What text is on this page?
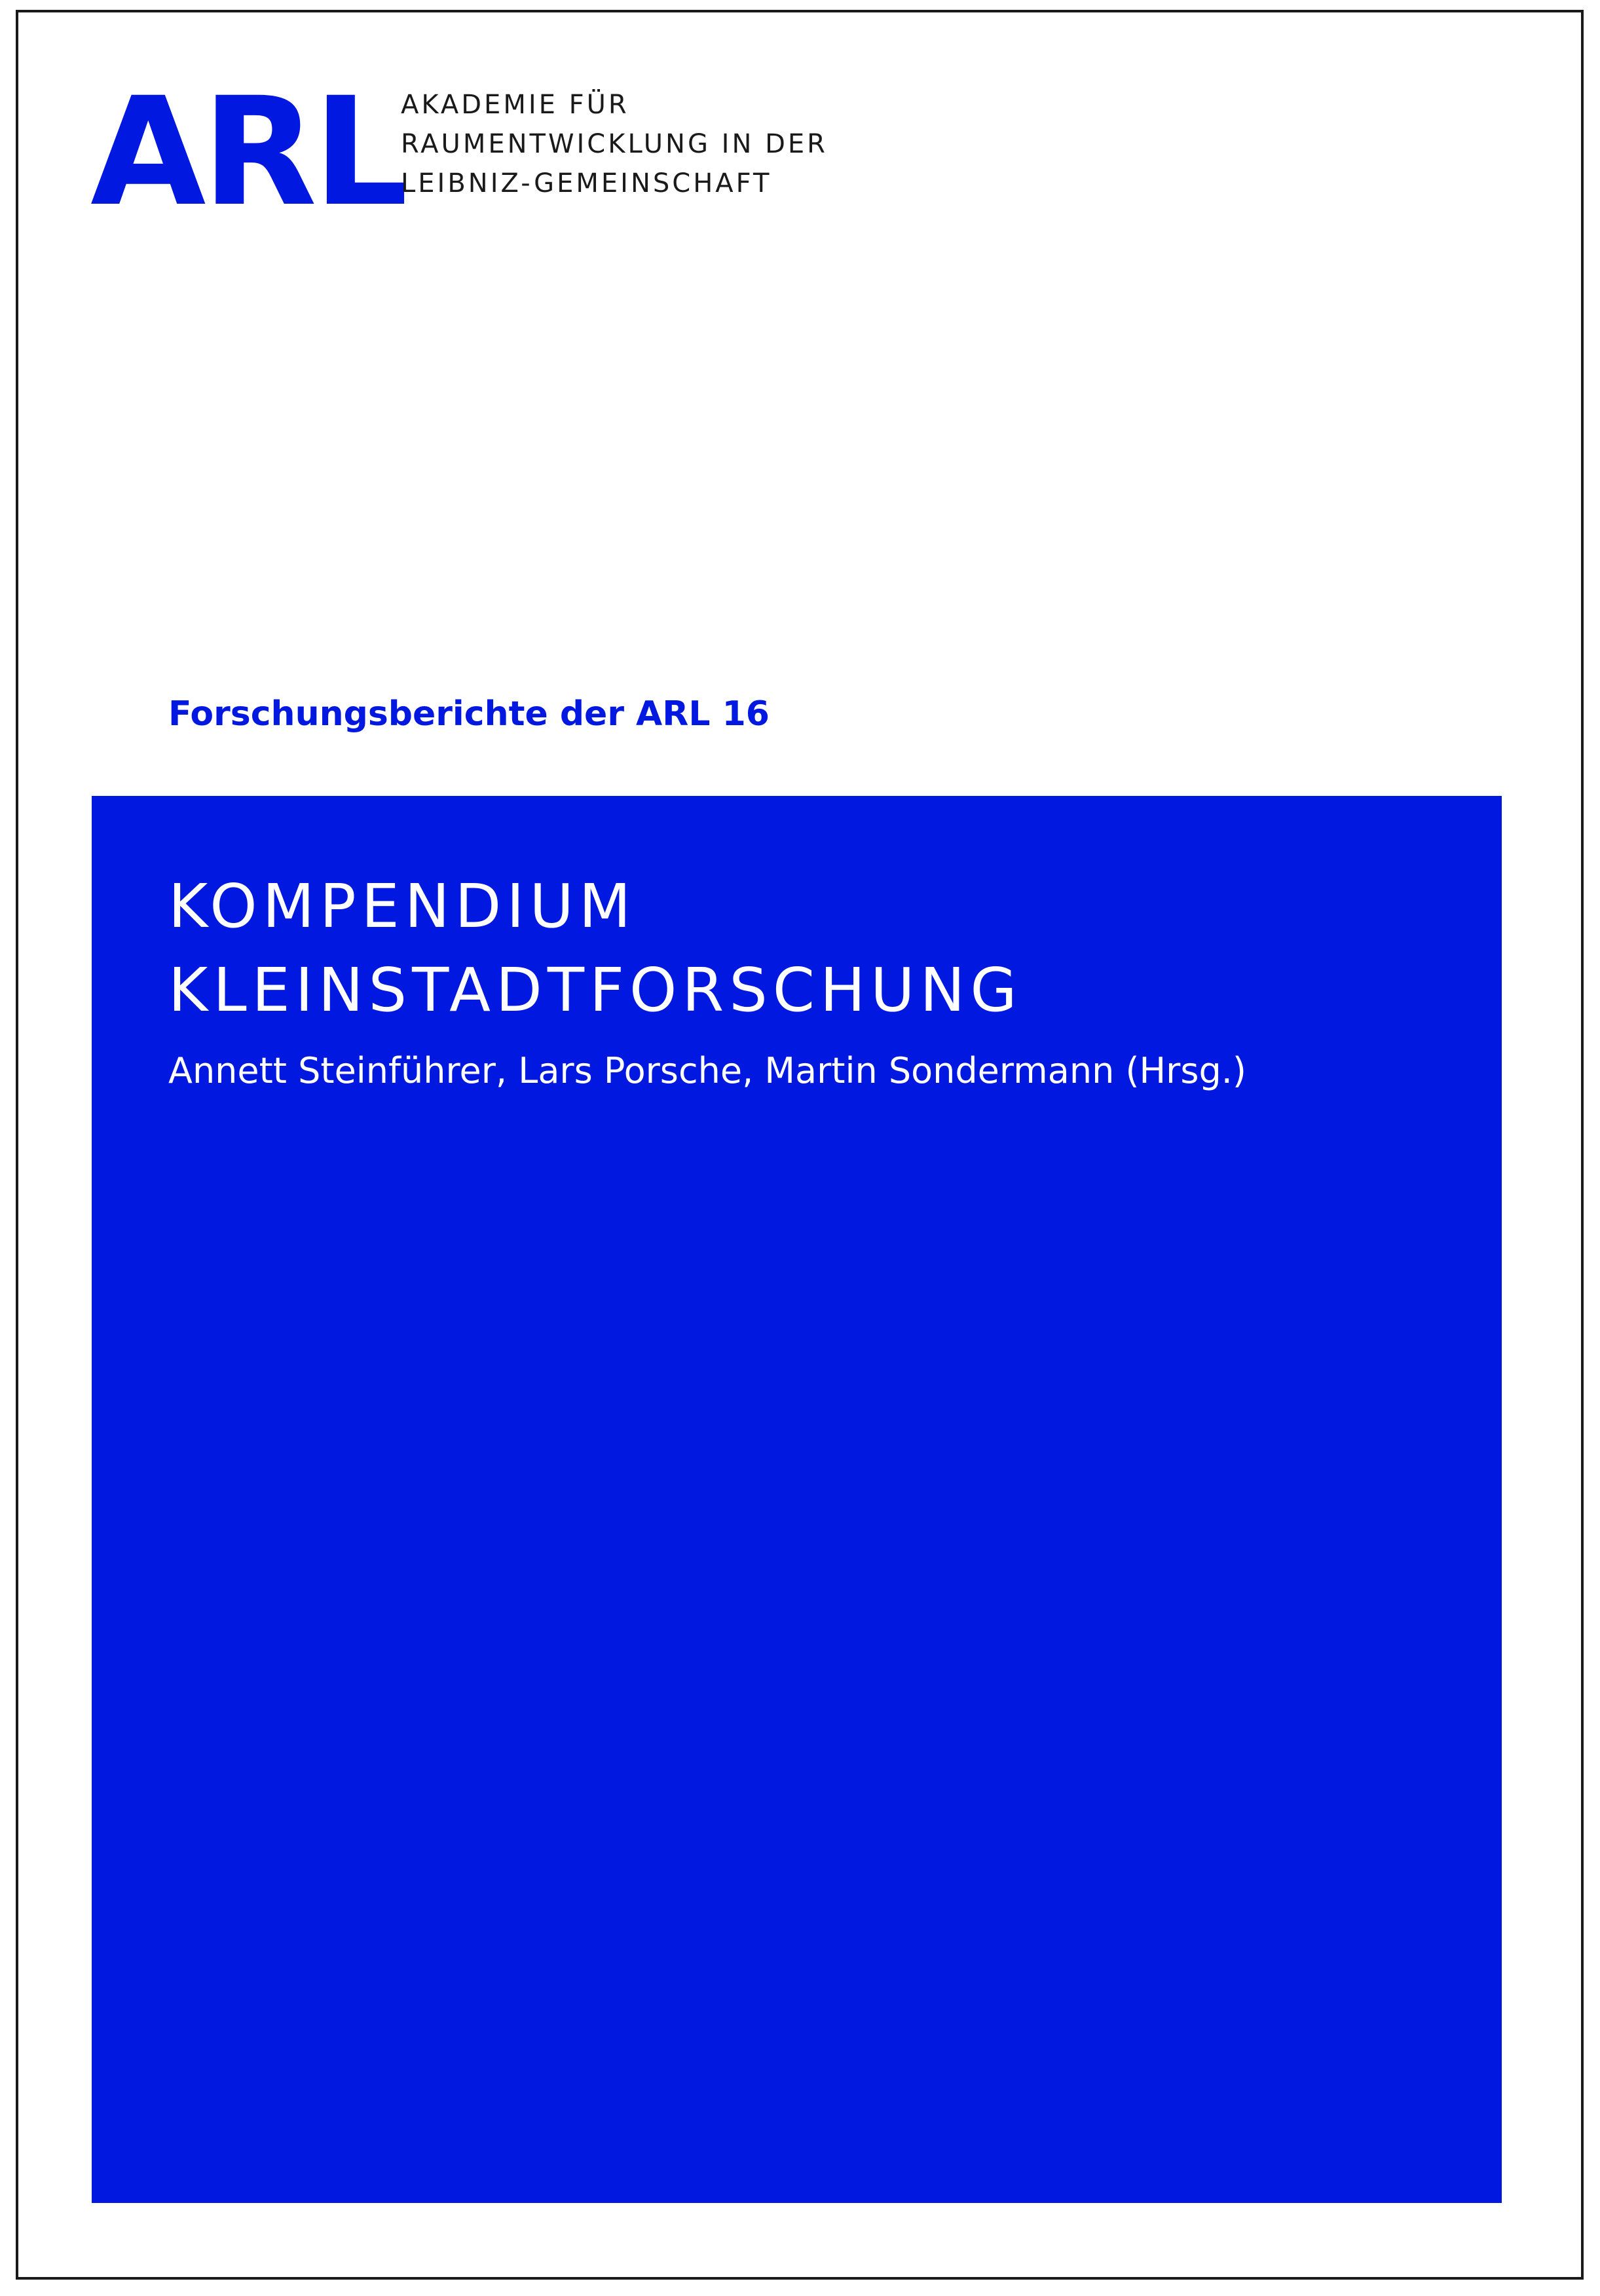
ARL
AKADEMIE FÜR
RAUMENTWICKLUNG IN DER
LEIBNIZ-GEMEINSCHAFT
Forschungsberichte der ARL 16
KOMPENDIUM
KLEINSTADTFORSCHUNG
Annett Steinführer, Lars Porsche, Martin Sondermann (Hrsg.)
